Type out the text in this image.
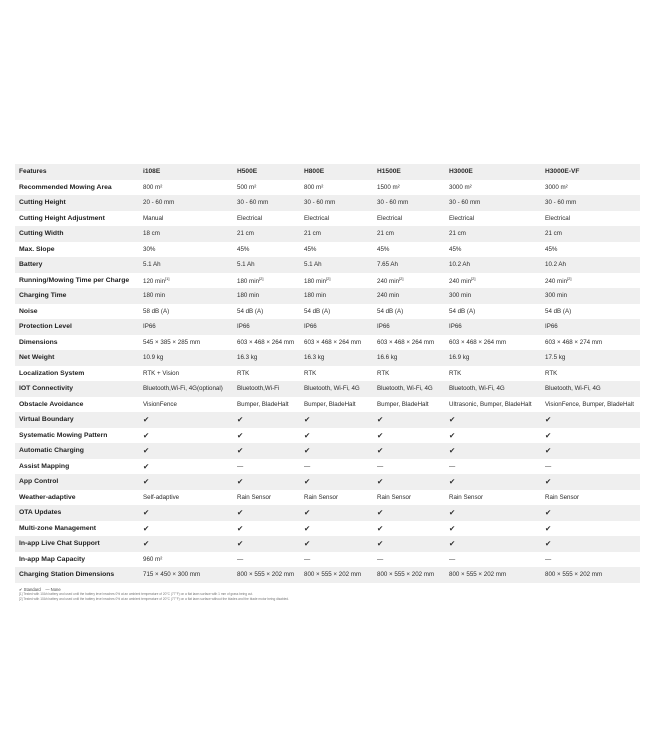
Features	i108E	H500E	H800E	H1500E	H3000E	H3000E-VF
Recommended Mowing Area	800 m²	500 m²	800 m²	1500 m²	3000 m²	3000 m²
Cutting Height	20 - 60 mm	30 - 60 mm	30 - 60 mm	30 - 60 mm	30 - 60 mm	30 - 60 mm
Cutting Height Adjustment	Manual	Electrical	Electrical	Electrical	Electrical	Electrical
Cutting Width	18 cm	21 cm	21 cm	21 cm	21 cm	21 cm
Max. Slope	30%	45%	45%	45%	45%	45%
Battery	5.1 Ah	5.1 Ah	5.1 Ah	7.65 Ah	10.2 Ah	10.2 Ah
Running/Mowing Time per Charge	120 min[1]	180 min[2]	180 min[2]	240 min[2]	240 min[2]	240 min[2]
Charging Time	180 min	180 min	180 min	240 min	300 min	300 min
Noise	58 dB (A)	54 dB (A)	54 dB (A)	54 dB (A)	54 dB (A)	54 dB (A)
Protection Level	IP66	IP66	IP66	IP66	IP66	IP66
Dimensions	545 × 385 × 285 mm	603 × 468 × 264 mm	603 × 468 × 264 mm	603 × 468 × 264 mm	603 × 468 × 264 mm	603 × 468 × 274 mm
Net Weight	10.9 kg	16.3 kg	16.3 kg	16.6 kg	16.9 kg	17.5 kg
Localization System	RTK + Vision	RTK	RTK	RTK	RTK	RTK
IOT Connectivity	Bluetooth,Wi-Fi, 4G(optional)	Bluetooth,Wi-Fi	Bluetooth, Wi-Fi, 4G	Bluetooth, Wi-Fi, 4G	Bluetooth, Wi-Fi, 4G	Bluetooth, Wi-Fi, 4G
Obstacle Avoidance	VisionFence	Bumper, BladeHalt	Bumper, BladeHalt	Bumper, BladeHalt	Ultrasonic, Bumper, BladeHalt	VisionFence, Bumper, BladeHalt
Virtual Boundary	✔	✔	✔	✔	✔	✔
Systematic Mowing Pattern	✔	✔	✔	✔	✔	✔
Automatic Charging	✔	✔	✔	✔	✔	✔
Assist Mapping	✔	—	—	—	—	—
App Control	✔	✔	✔	✔	✔	✔
Weather-adaptive	Self-adaptive	Rain Sensor	Rain Sensor	Rain Sensor	Rain Sensor	Rain Sensor
OTA Updates	✔	✔	✔	✔	✔	✔
Multi-zone Management	✔	✔	✔	✔	✔	✔
In-app Live Chat Support	✔	✔	✔	✔	✔	✔
In-app Map Capacity	960 m²	—	—	—	—	—
Charging Station Dimensions	715 × 450 × 300 mm	800 × 555 × 202 mm	800 × 555 × 202 mm	800 × 555 × 202 mm	800 × 555 × 202 mm	800 × 555 × 202 mm
✔ Standard — None
[1] Tested with 10Ah battery and used until the battery level reaches 0% at an ambient temperature of 20°C (77°F) on a flat lawn surface with 1 mm of grass being cut.
[2] Tested with 10Ah battery and used until the battery level reaches 0% at an ambient temperature of 20°C (77°F) on a flat lawn surface without the blades and the blade motor being disabled.
